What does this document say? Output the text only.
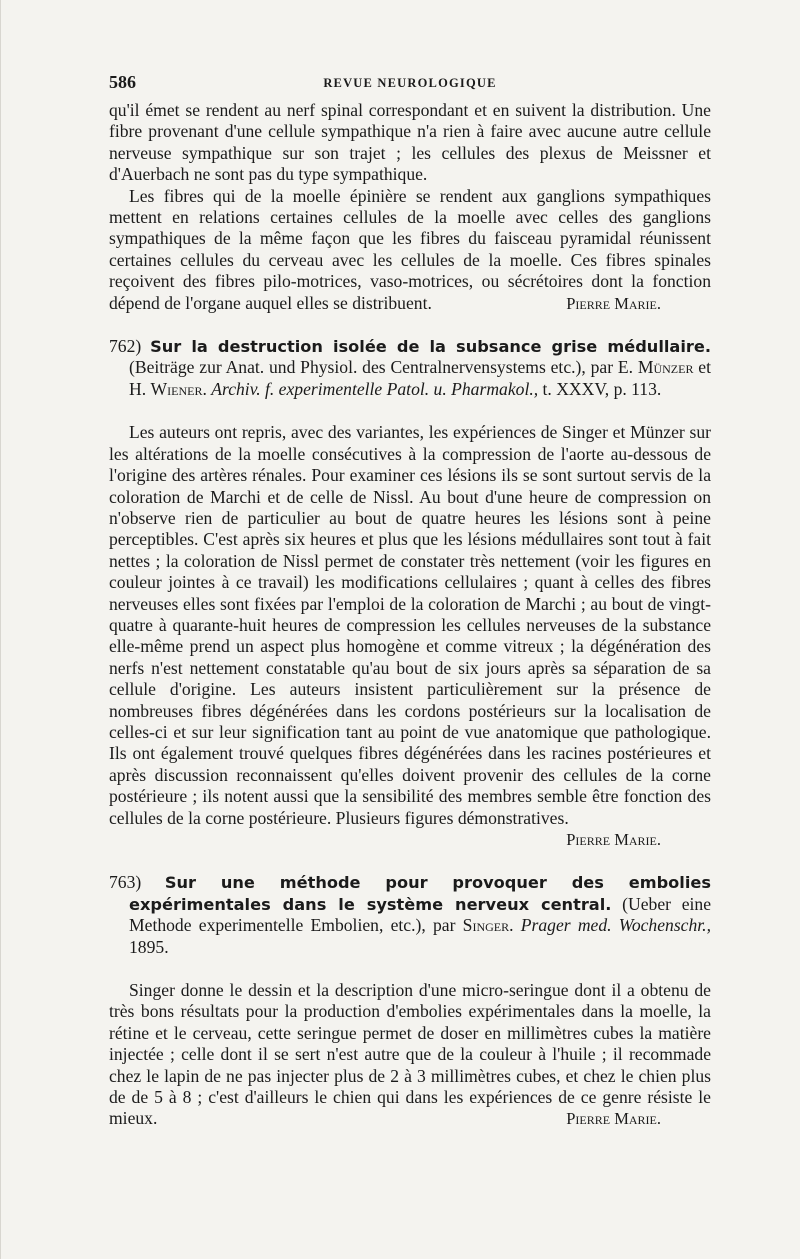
586	REVUE NEUROLOGIQUE

qu'il émet se rendent au nerf spinal correspondant et en suivent la distribution. Une fibre provenant d'une cellule sympathique n'a rien à faire avec aucune autre cellule nerveuse sympathique sur son trajet ; les cellules des plexus de Meissner et d'Auerbach ne sont pas du type sympathique.

Les fibres qui de la moelle épinière se rendent aux ganglions sympathiques mettent en relations certaines cellules de la moelle avec celles des ganglions sympathiques de la même façon que les fibres du faisceau pyramidal réunissent certaines cellules du cerveau avec les cellules de la moelle. Ces fibres spinales reçoivent des fibres pilo-motrices, vaso-motrices, ou sécrétoires dont la fonction dépend de l'organe auquel elles se distribuent.	Pierre Marie.

762) Sur la destruction isolée de la subsance grise médullaire. (Beiträge zur Anat. und Physiol. des Centralnervensystems etc.), par E. Münzer et H. Wiener. Archiv. f. experimentelle Patol. u. Pharmakol., t. XXXV, p. 113.

Les auteurs ont repris, avec des variantes, les expériences de Singer et Münzer sur les altérations de la moelle consécutives à la compression de l'aorte au-dessous de l'origine des artères rénales. Pour examiner ces lésions ils se sont surtout servis de la coloration de Marchi et de celle de Nissl. Au bout d'une heure de compression on n'observe rien de particulier au bout de quatre heures les lésions sont à peine perceptibles. C'est après six heures et plus que les lésions médullaires sont tout à fait nettes ; la coloration de Nissl permet de constater très nettement (voir les figures en couleur jointes à ce travail) les modifications cellulaires ; quant à celles des fibres nerveuses elles sont fixées par l'emploi de la coloration de Marchi ; au bout de vingt-quatre à quarante-huit heures de compression les cellules nerveuses de la substance elle-même prend un aspect plus homogène et comme vitreux ; la dégénération des nerfs n'est nettement constatable qu'au bout de six jours après sa séparation de sa cellule d'origine. Les auteurs insistent particulièrement sur la présence de nombreuses fibres dégénérées dans les cordons postérieurs sur la localisation de celles-ci et sur leur signification tant au point de vue anatomique que pathologique. Ils ont également trouvé quelques fibres dégénérées dans les racines postérieures et après discussion reconnaissent qu'elles doivent provenir des cellules de la corne postérieure ; ils notent aussi que la sensibilité des membres semble être fonction des cellules de la corne postérieure. Plusieurs figures démonstratives.
Pierre Marie.

763) Sur une méthode pour provoquer des embolies expérimentales dans le système nerveux central. (Ueber eine Methode experimentelle Embolien, etc.), par Singer. Prager med. Wochenschr., 1895.

Singer donne le dessin et la description d'une micro-seringue dont il a obtenu de très bons résultats pour la production d'embolies expérimentales dans la moelle, la rétine et le cerveau, cette seringue permet de doser en millimètres cubes la matière injectée ; celle dont il se sert n'est autre que de la couleur à l'huile ; il recommade chez le lapin de ne pas injecter plus de 2 à 3 millimètres cubes, et chez le chien plus de de 5 à 8 ; c'est d'ailleurs le chien qui dans les expériences de ce genre résiste le mieux.	Pierre Marie.
